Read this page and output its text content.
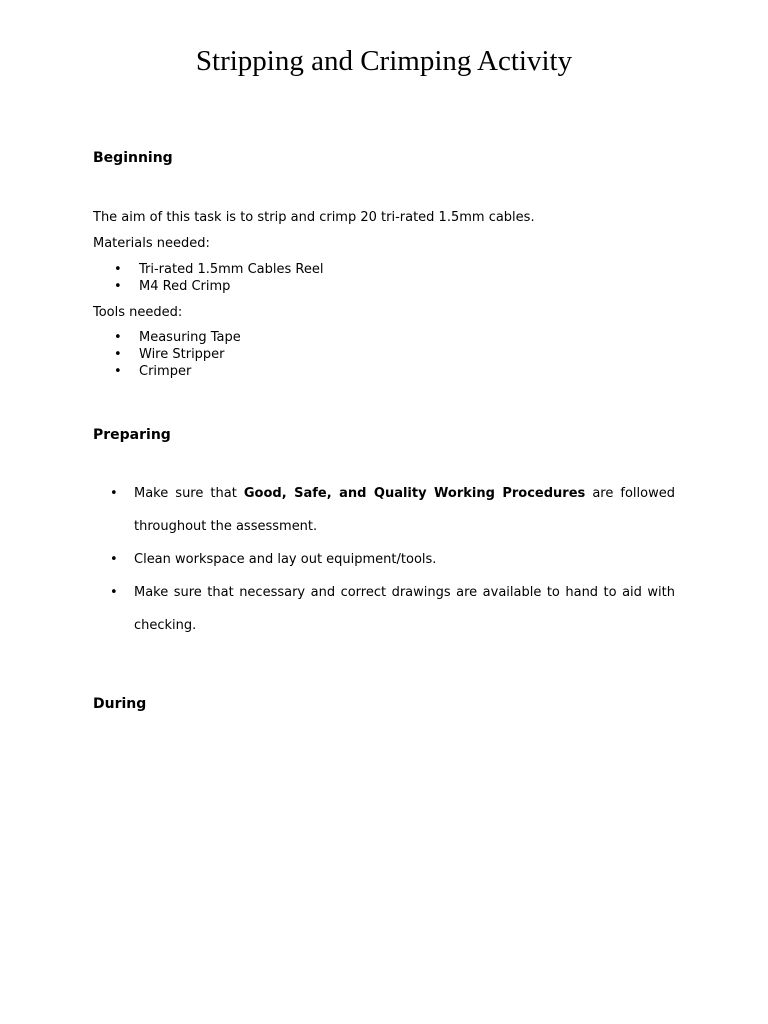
Stripping and Crimping Activity
Beginning
The aim of this task is to strip and crimp 20 tri-rated 1.5mm cables.
Materials needed:
• Tri-rated 1.5mm Cables Reel
• M4 Red Crimp
Tools needed:
• Measuring Tape
• Wire Stripper
• Crimper
Preparing
• Make sure that Good, Safe, and Quality Working Procedures are followed
throughout the assessment.
• Clean workspace and lay out equipment/tools.
• Make sure that necessary and correct drawings are available to hand to aid with
checking.
During
